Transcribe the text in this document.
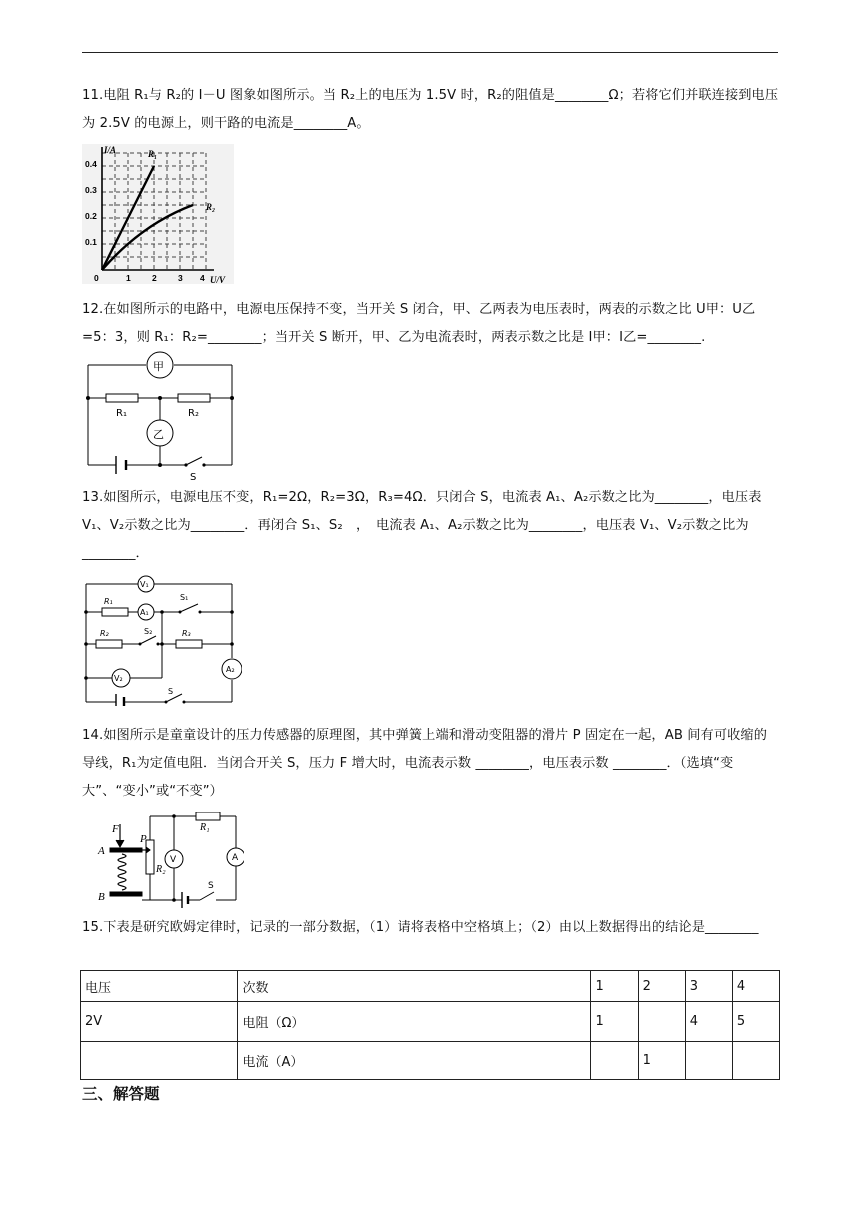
11.电阻 R₁与 R₂的 I－U 图象如图所示。当 R₂上的电压为 1.5V 时，R₂的阻值是________Ω；若将它们并联连接到电压为 2.5V 的电源上，则干路的电流是________A。
I/A
U/V
R₁
R₂
0.4
0.3
0.2
0.1
0	1	2	3 4
12.在如图所示的电路中，电源电压保持不变，当开关 S 闭合，甲、乙两表为电压表时，两表的示数之比 U甲：U乙=5：3，则 R₁：R₂=________；当开关 S 断开，甲、乙为电流表时，两表示数之比是 I甲：I乙=________.
甲
乙
R₁	R₂
S
13.如图所示，电源电压不变，R₁=2Ω，R₂=3Ω，R₃=4Ω．只闭合 S，电流表 A₁、A₂示数之比为________，电压表 V₁、V₂示数之比为________．再闭合 S₁、S₂　，　电流表 A₁、A₂示数之比为________，电压表 V₁、V₂示数之比为________．
V₁
A₁
V₂
A₂
R₁
R₂	R₃
S₁
S₂
S
14.如图所示是童童设计的压力传感器的原理图，其中弹簧上端和滑动变阻器的滑片 P 固定在一起，AB 间有可收缩的导线，R₁为定值电阻．当闭合开关 S，压力 F 增大时，电流表示数 ________，电压表示数 ________．（选填“变大”、“变小”或“不变”）
F
P
A
B
R₁
R₂
V	A
S
15.下表是研究欧姆定律时，记录的一部分数据，（1）请将表格中空格填上；（2）由以上数据得出的结论是________
电压	次数	1	2	3	4
2V	电阻（Ω）	1		4	5
	电流（A）		1		
三、解答题
